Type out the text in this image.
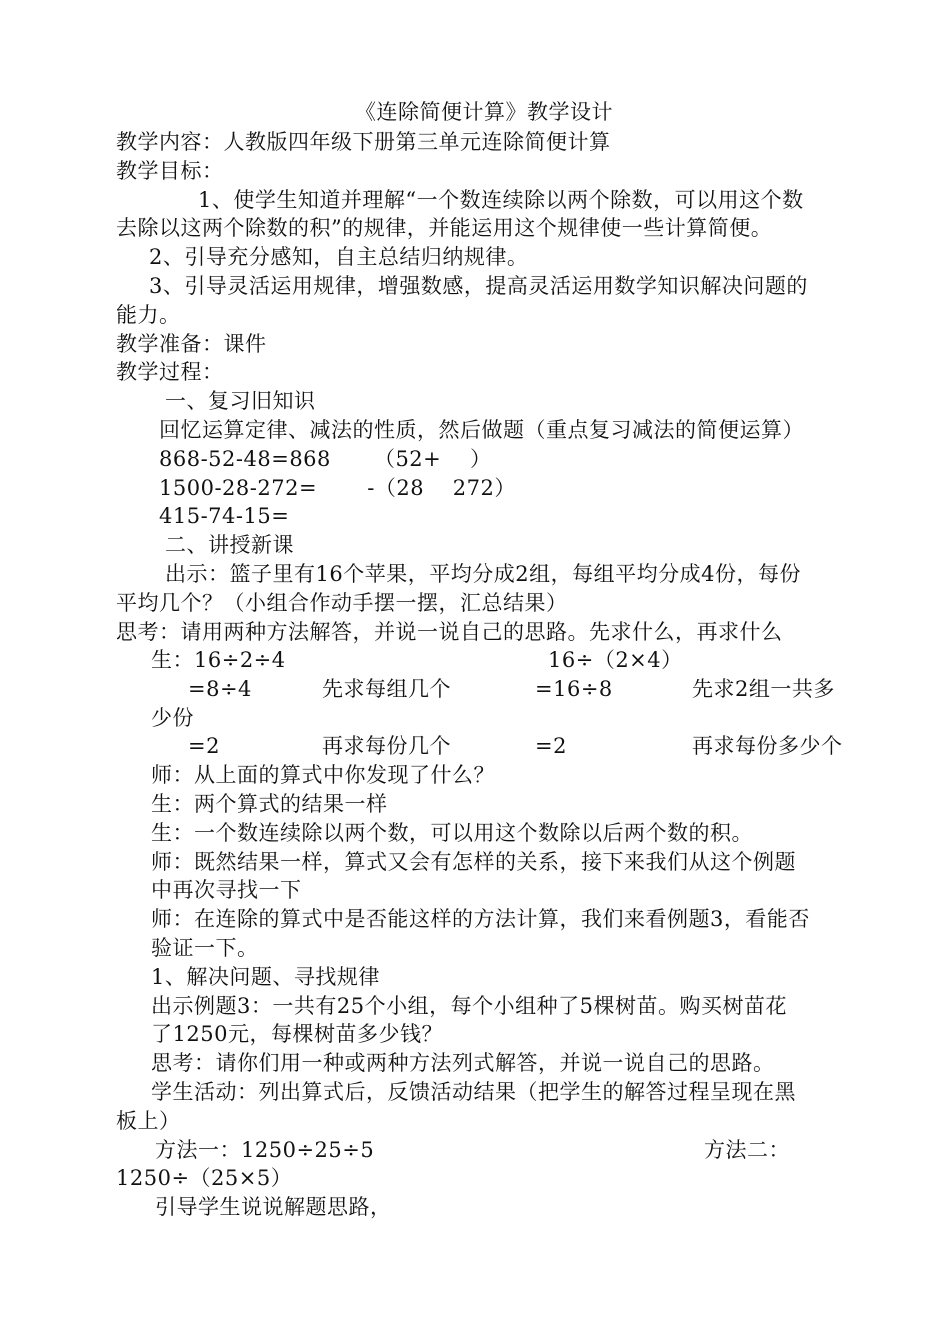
《连除简便计算》教学设计
教学内容：人教版四年级下册第三单元连除简便计算
教学目标：
1、使学生知道并理解“一个数连续除以两个除数，可以用这个数
去除以这两个除数的积”的规律，并能运用这个规律使一些计算简便。
2、引导充分感知，自主总结归纳规律。
3、引导灵活运用规律，增强数感，提高灵活运用数学知识解决问题的
能力。
教学准备：课件
教学过程：
一、复习旧知识
回忆运算定律、减法的性质，然后做题（重点复习减法的简便运算）
868-52-48=868      （52+    ）
1500-28-272=       -（28    272）
415-74-15=
二、讲授新课
出示：篮子里有16个苹果，平均分成2组，每组平均分成4份，每份
平均几个？（小组合作动手摆一摆，汇总结果）
思考：请用两种方法解答，并说一说自己的思路。先求什么，再求什么
生：16÷2÷4	16÷（2×4）
=8÷4	先求每组几个	=16÷8	先求2组一共多
少份
=2	再求每份几个	=2	再求每份多少个
师：从上面的算式中你发现了什么？
生：两个算式的结果一样
生：一个数连续除以两个数，可以用这个数除以后两个数的积。
师：既然结果一样，算式又会有怎样的关系，接下来我们从这个例题
中再次寻找一下
师：在连除的算式中是否能这样的方法计算，我们来看例题3，看能否
验证一下。
1、解决问题、寻找规律
出示例题3：一共有25个小组，每个小组种了5棵树苗。购买树苗花
了1250元，每棵树苗多少钱？
思考：请你们用一种或两种方法列式解答，并说一说自己的思路。
学生活动：列出算式后，反馈活动结果（把学生的解答过程呈现在黑
板上）
方法一：1250÷25÷5	方法二：
1250÷（25×5）
引导学生说说解题思路，
